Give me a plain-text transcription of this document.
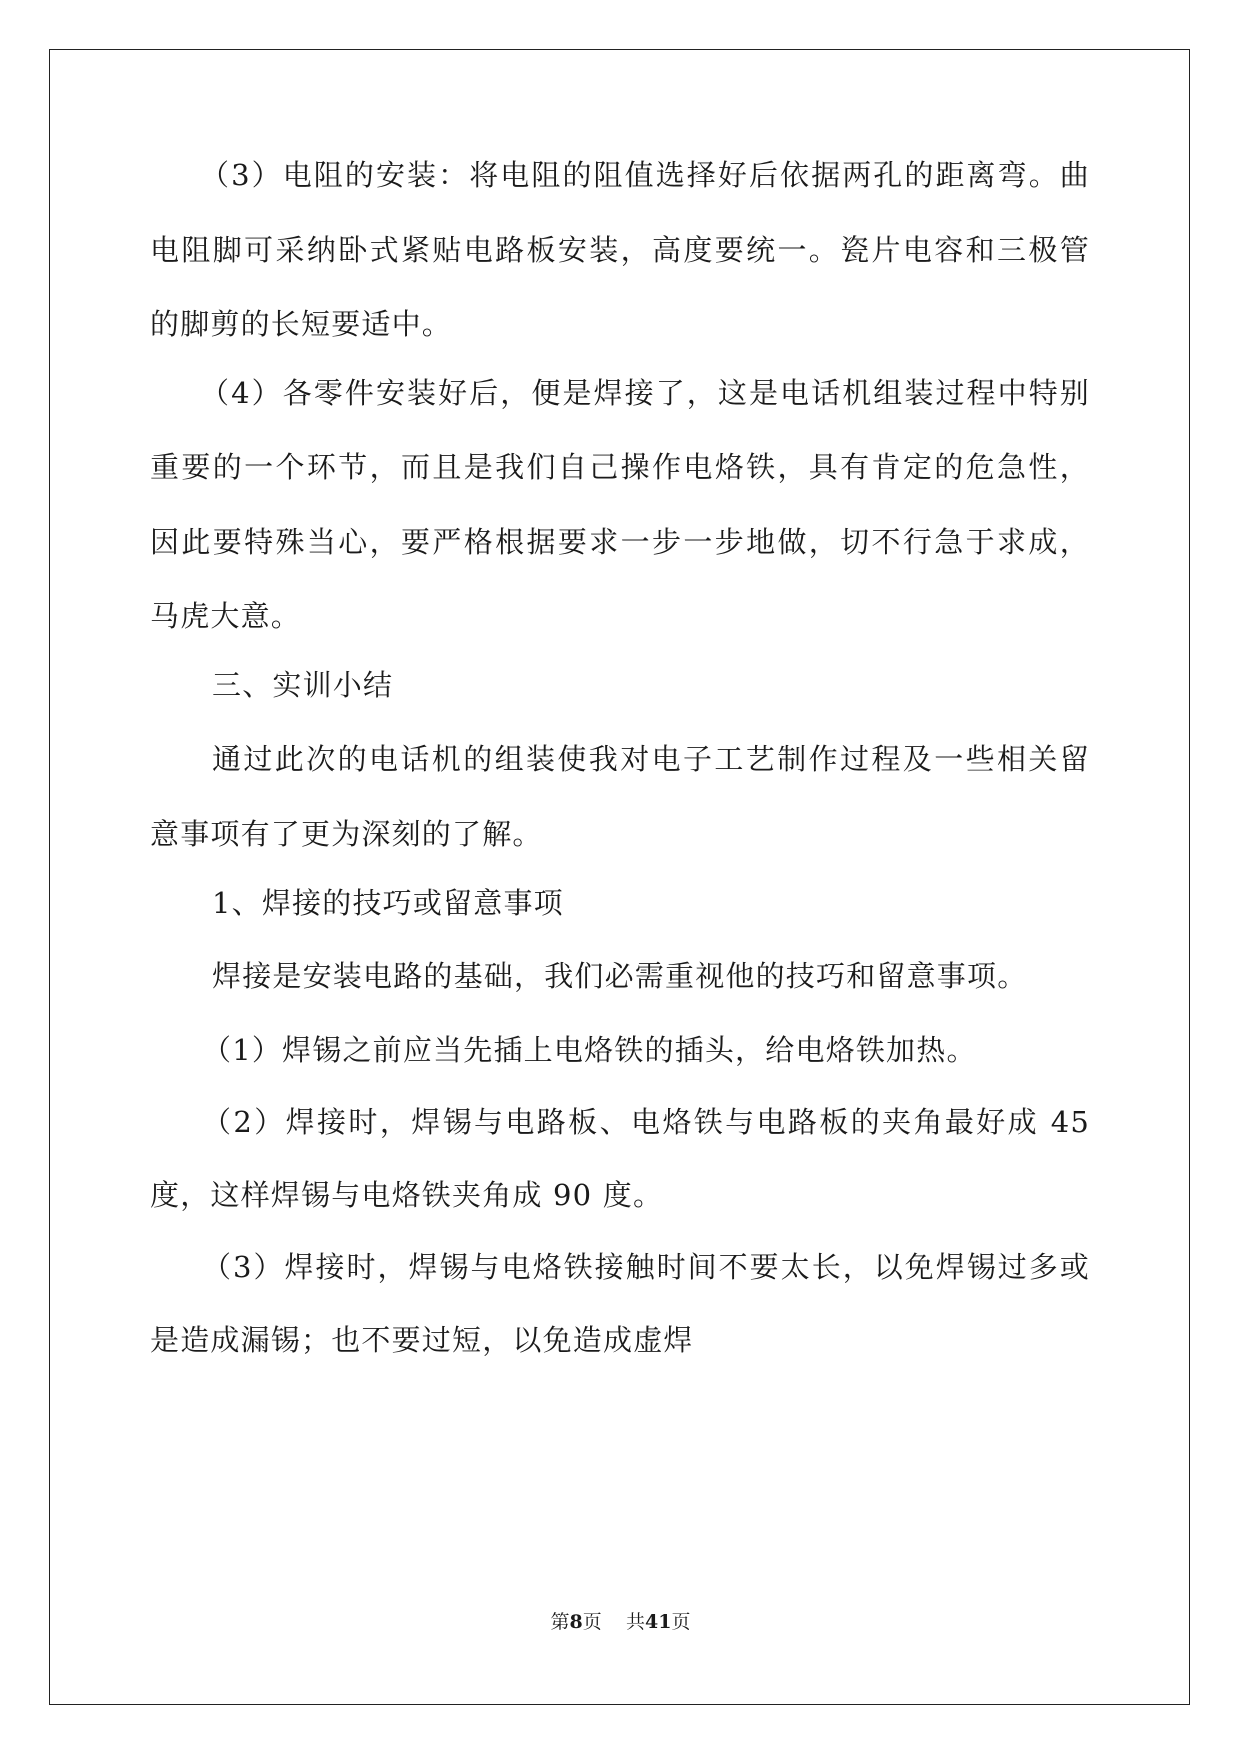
（3）电阻的安装：将电阻的阻值选择好后依据两孔的距离弯。曲
电阻脚可采纳卧式紧贴电路板安装，高度要统一。瓷片电容和三极管
的脚剪的长短要适中。
（4）各零件安装好后，便是焊接了，这是电话机组装过程中特别
重要的一个环节，而且是我们自己操作电烙铁，具有肯定的危急性，
因此要特殊当心，要严格根据要求一步一步地做，切不行急于求成，
马虎大意。
三、实训小结
通过此次的电话机的组装使我对电子工艺制作过程及一些相关留
意事项有了更为深刻的了解。
1、焊接的技巧或留意事项
焊接是安装电路的基础，我们必需重视他的技巧和留意事项。
（1）焊锡之前应当先插上电烙铁的插头，给电烙铁加热。
（2）焊接时，焊锡与电路板、电烙铁与电路板的夹角最好成 45
度，这样焊锡与电烙铁夹角成 90 度。
（3）焊接时，焊锡与电烙铁接触时间不要太长，以免焊锡过多或
是造成漏锡；也不要过短，以免造成虚焊
第8页 共41页
